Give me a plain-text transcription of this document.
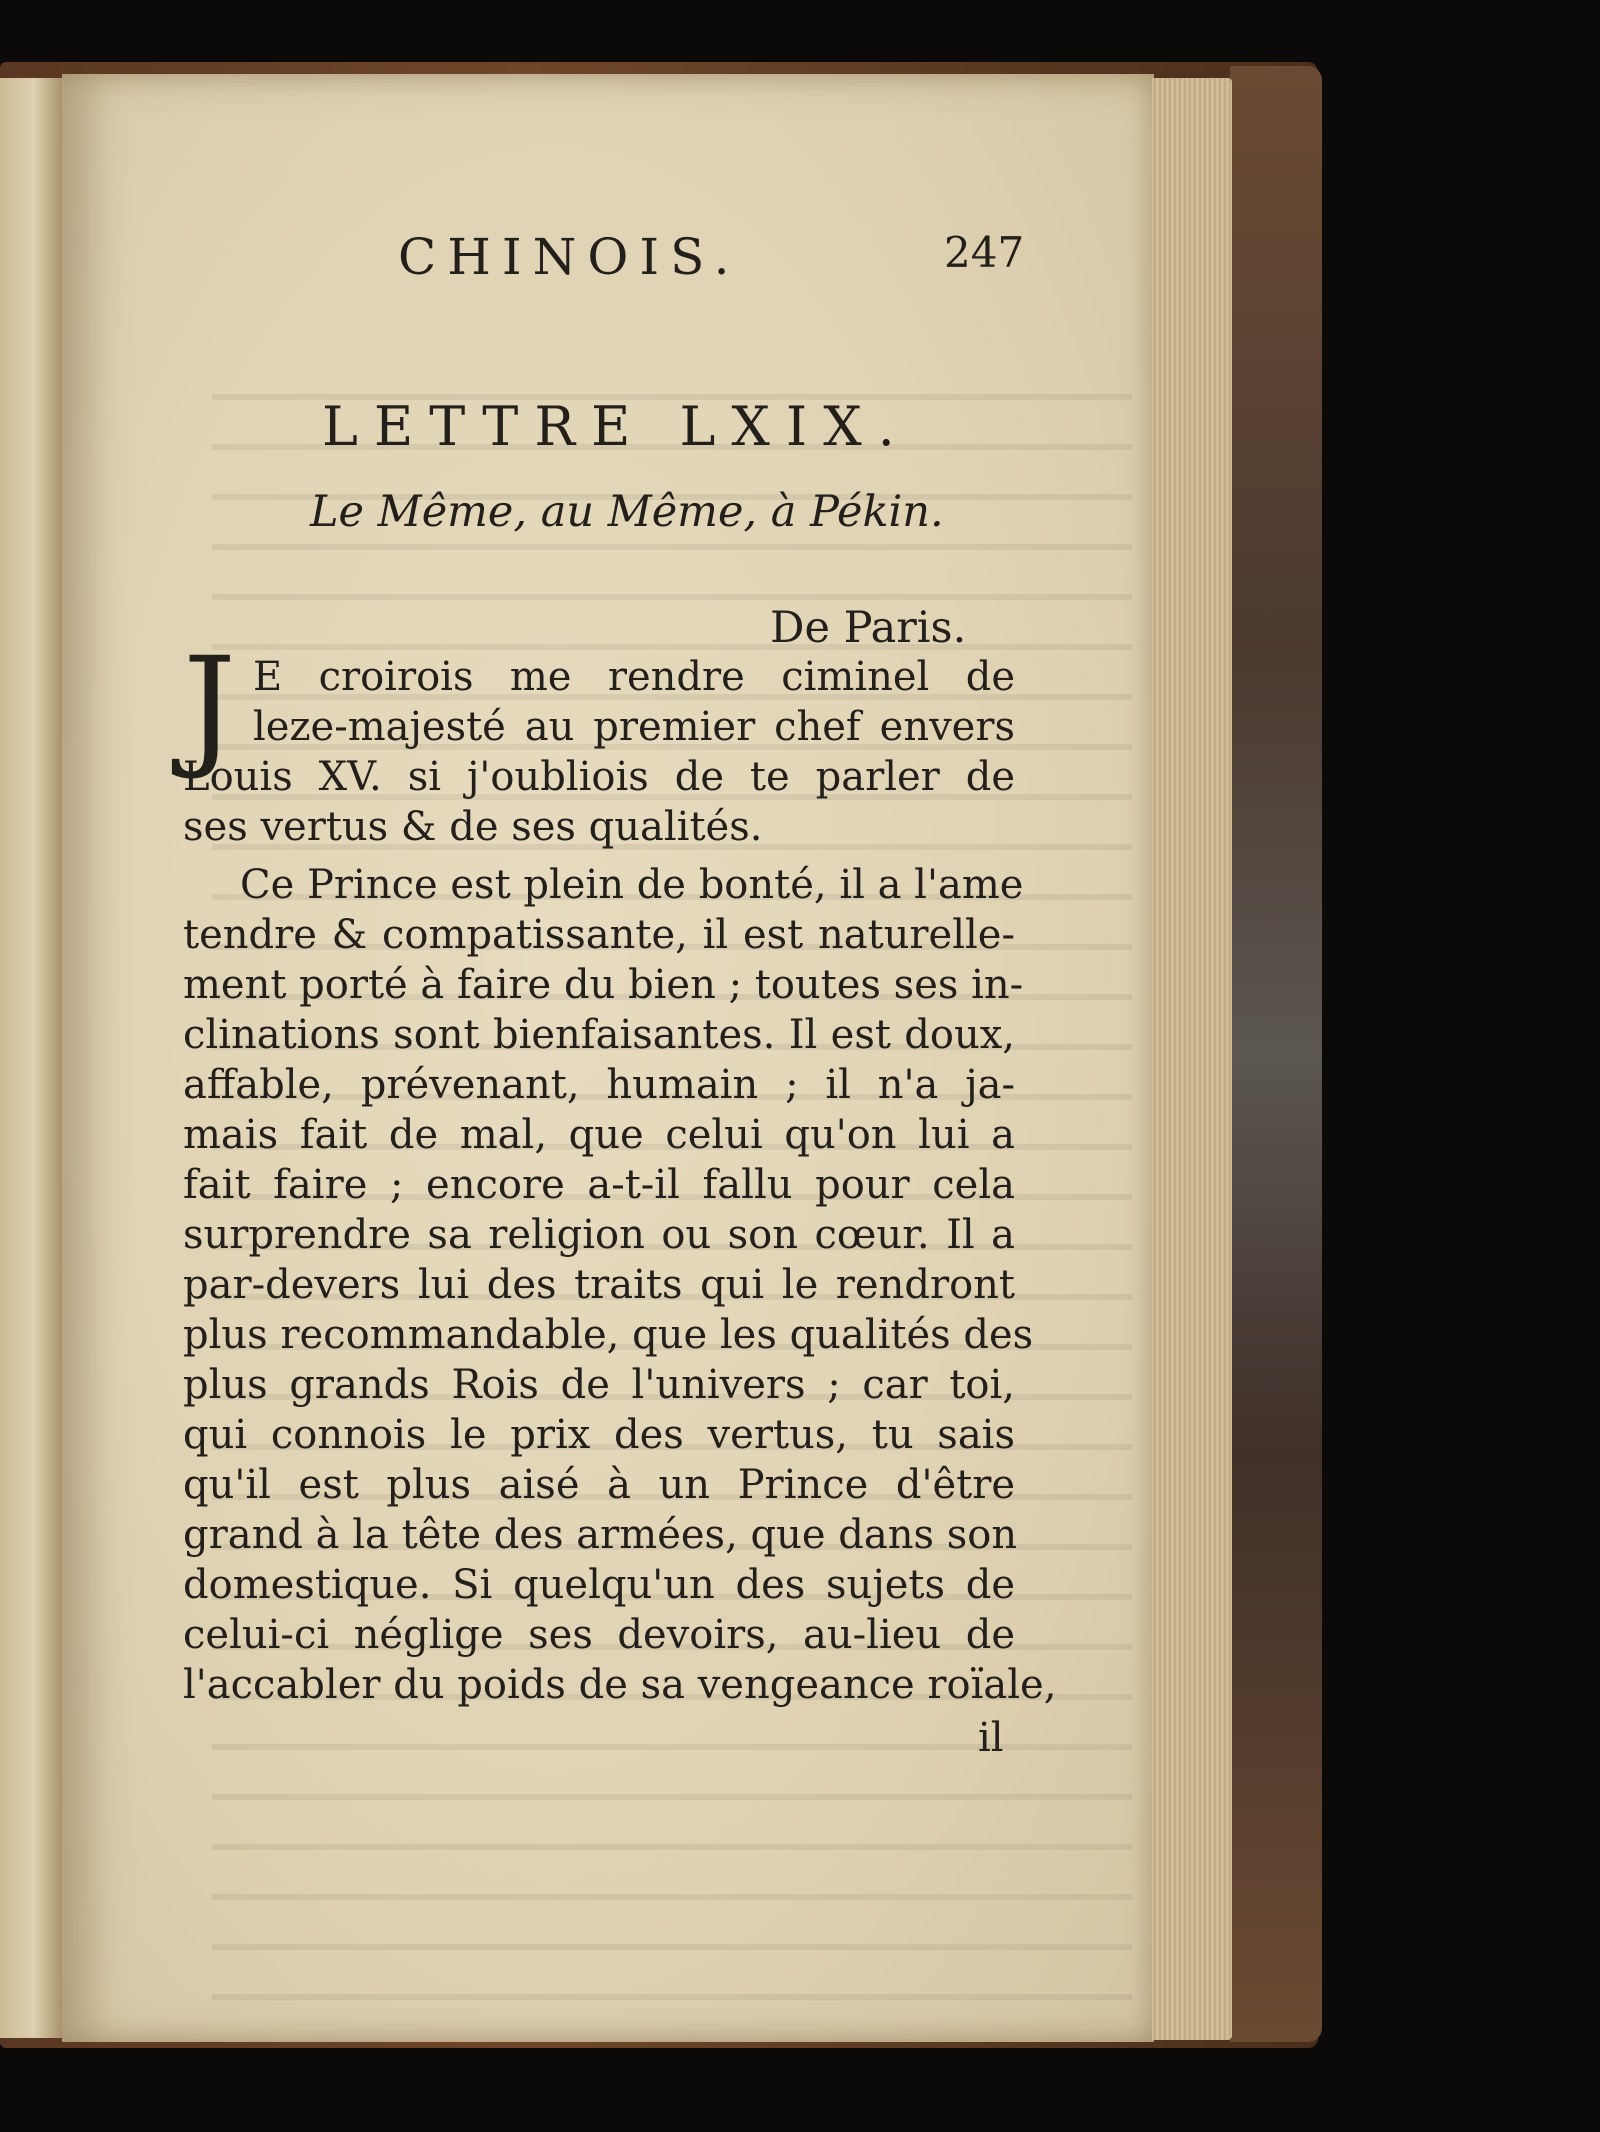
CHINOIS.	247
LETTRE LXIX.
Le Même, au Même, à Pékin.
De Paris.
J E croirois me rendre ciminel de
leze-majesté au premier chef envers
Louis XV. si j'oubliois de te parler de
ses vertus & de ses qualités.
Ce Prince est plein de bonté, il a l'ame
tendre & compatissante, il est naturelle-
ment porté à faire du bien ; toutes ses in-
clinations sont bienfaisantes. Il est doux,
affable, prévenant, humain ; il n'a ja-
mais fait de mal, que celui qu'on lui a
fait faire ; encore a-t-il fallu pour cela
surprendre sa religion ou son cœur. Il a
par-devers lui des traits qui le rendront
plus recommandable, que les qualités des
plus grands Rois de l'univers ; car toi,
qui connois le prix des vertus, tu sais
qu'il est plus aisé à un Prince d'être
grand à la tête des armées, que dans son
domestique. Si quelqu'un des sujets de
celui-ci néglige ses devoirs, au-lieu de
l'accabler du poids de sa vengeance roïale,
il
